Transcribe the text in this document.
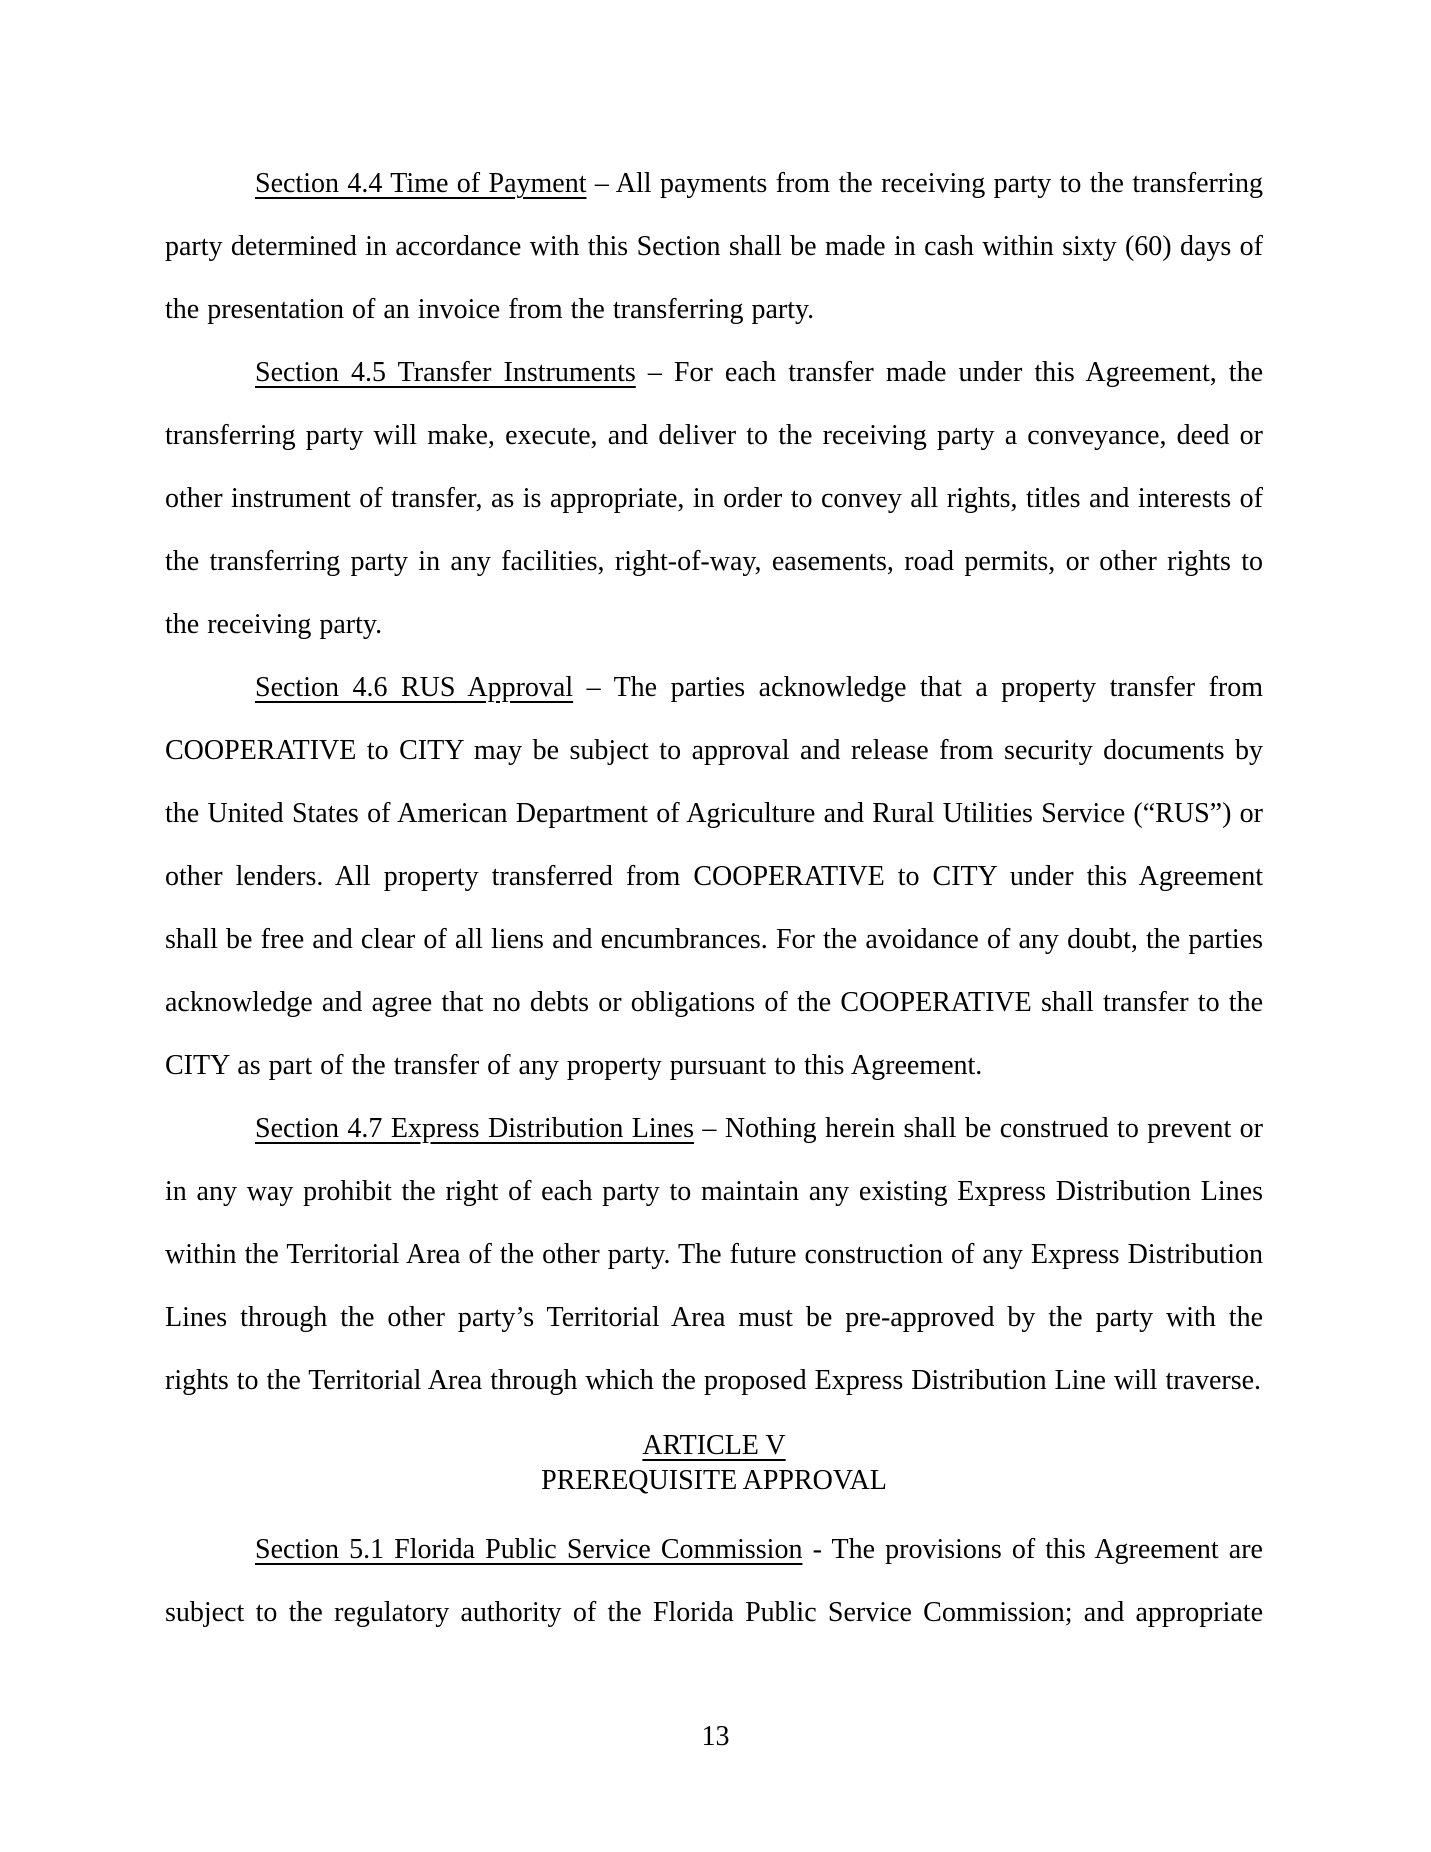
Section 4.4 Time of Payment – All payments from the receiving party to the transferring party determined in accordance with this Section shall be made in cash within sixty (60) days of the presentation of an invoice from the transferring party.

Section 4.5 Transfer Instruments – For each transfer made under this Agreement, the transferring party will make, execute, and deliver to the receiving party a conveyance, deed or other instrument of transfer, as is appropriate, in order to convey all rights, titles and interests of the transferring party in any facilities, right-of-way, easements, road permits, or other rights to the receiving party.

Section 4.6 RUS Approval – The parties acknowledge that a property transfer from COOPERATIVE to CITY may be subject to approval and release from security documents by the United States of American Department of Agriculture and Rural Utilities Service (“RUS”) or other lenders. All property transferred from COOPERATIVE to CITY under this Agreement shall be free and clear of all liens and encumbrances. For the avoidance of any doubt, the parties acknowledge and agree that no debts or obligations of the COOPERATIVE shall transfer to the CITY as part of the transfer of any property pursuant to this Agreement.

Section 4.7 Express Distribution Lines – Nothing herein shall be construed to prevent or in any way prohibit the right of each party to maintain any existing Express Distribution Lines within the Territorial Area of the other party. The future construction of any Express Distribution Lines through the other party’s Territorial Area must be pre-approved by the party with the rights to the Territorial Area through which the proposed Express Distribution Line will traverse.

ARTICLE V
PREREQUISITE APPROVAL

Section 5.1 Florida Public Service Commission - The provisions of this Agreement are subject to the regulatory authority of the Florida Public Service Commission; and appropriate

13
